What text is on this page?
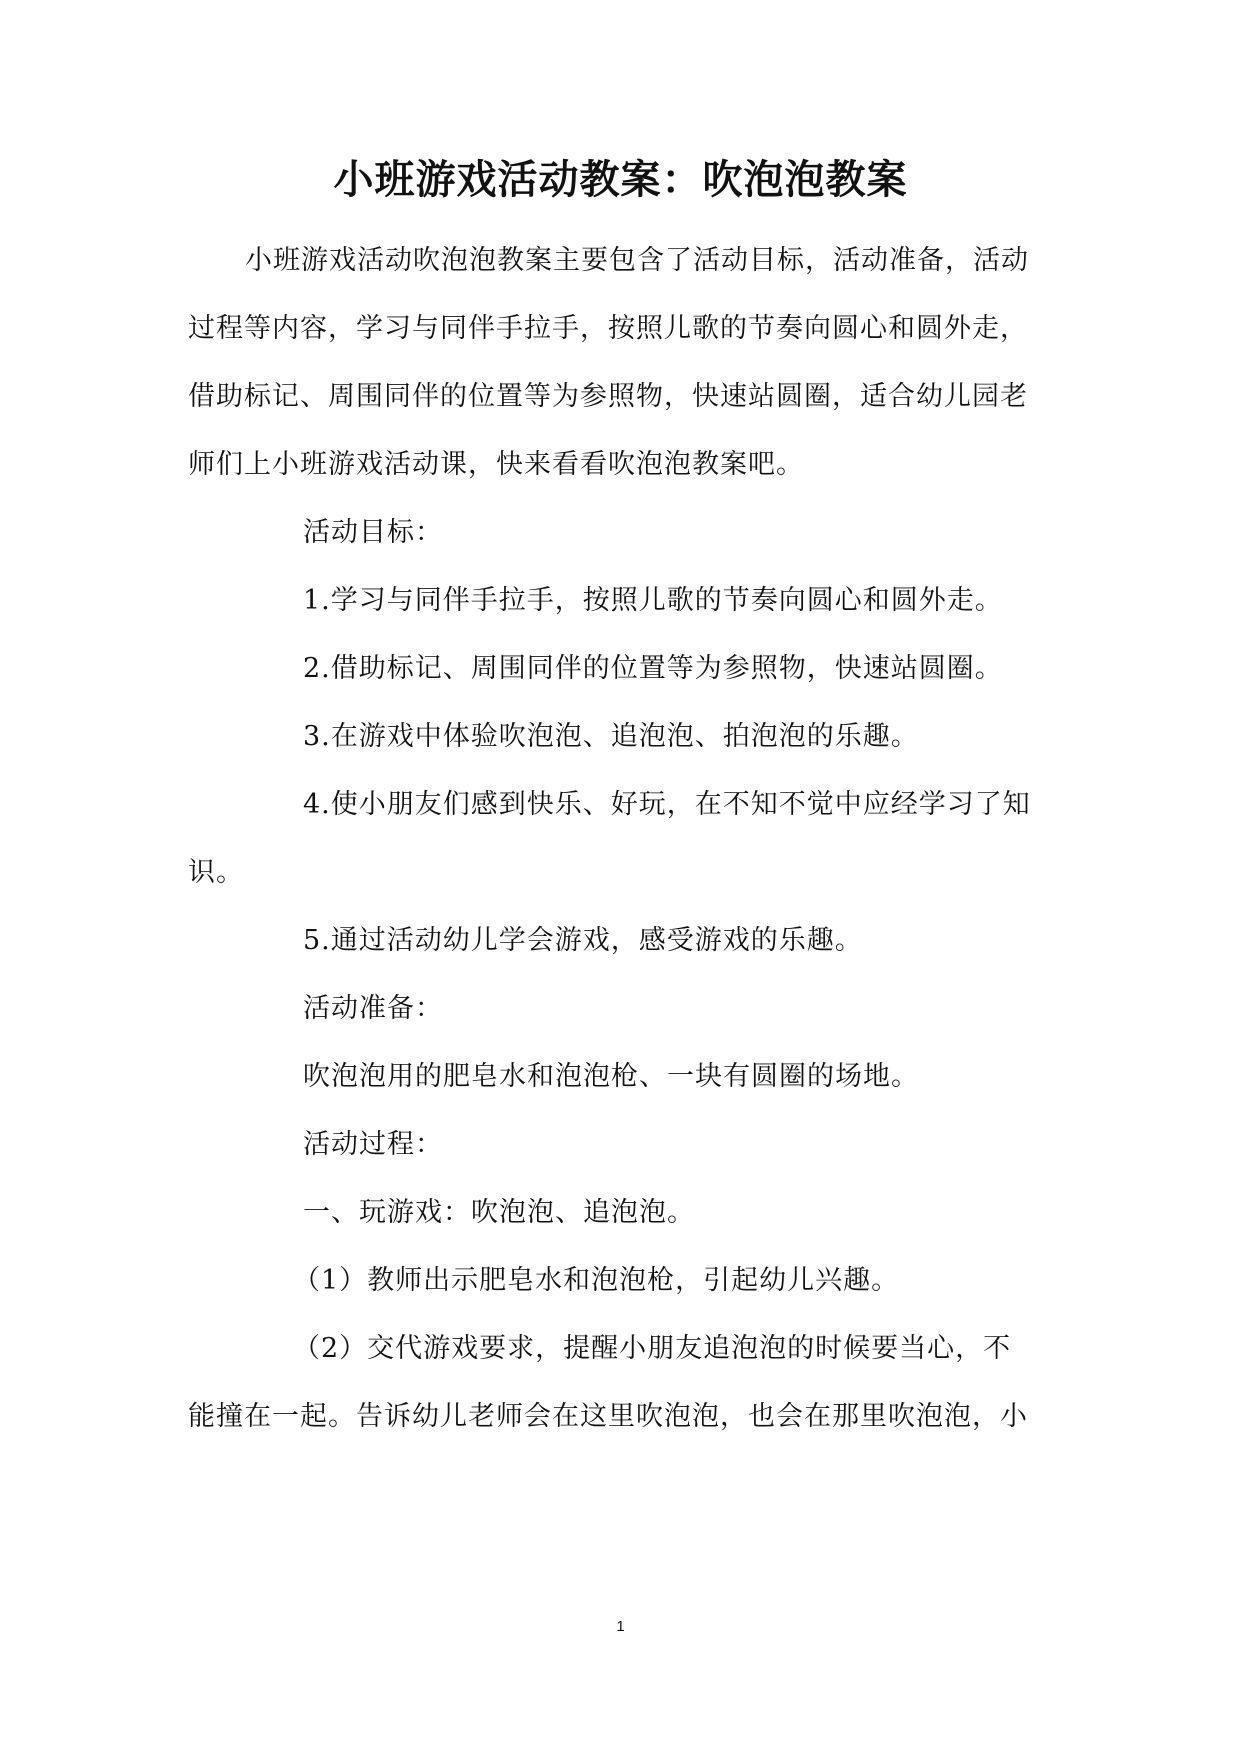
小班游戏活动教案：吹泡泡教案
小班游戏活动吹泡泡教案主要包含了活动目标，活动准备，活动
过程等内容，学习与同伴手拉手，按照儿歌的节奏向圆心和圆外走，
借助标记、周围同伴的位置等为参照物，快速站圆圈，适合幼儿园老
师们上小班游戏活动课，快来看看吹泡泡教案吧。
活动目标：
1.学习与同伴手拉手，按照儿歌的节奏向圆心和圆外走。
2.借助标记、周围同伴的位置等为参照物，快速站圆圈。
3.在游戏中体验吹泡泡、追泡泡、拍泡泡的乐趣。
4.使小朋友们感到快乐、好玩，在不知不觉中应经学习了知
识。
5.通过活动幼儿学会游戏，感受游戏的乐趣。
活动准备：
吹泡泡用的肥皂水和泡泡枪、一块有圆圈的场地。
活动过程：
一、玩游戏：吹泡泡、追泡泡。
（1）教师出示肥皂水和泡泡枪，引起幼儿兴趣。
（2）交代游戏要求，提醒小朋友追泡泡的时候要当心，不
能撞在一起。告诉幼儿老师会在这里吹泡泡，也会在那里吹泡泡，小
1
